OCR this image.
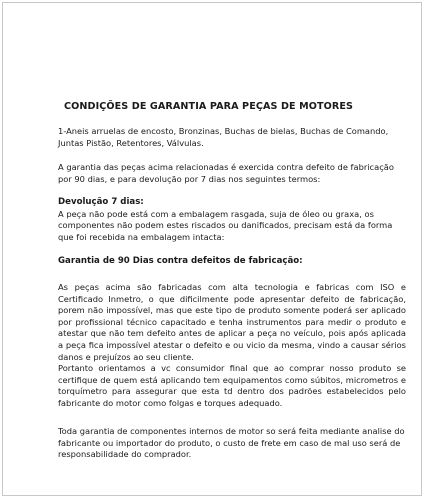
CONDIÇÕES DE GARANTIA PARA PEÇAS DE MOTORES

1-Aneis arruelas de encosto, Bronzinas, Buchas de bielas, Buchas de Comando, Juntas Pistão, Retentores, Válvulas.

A garantia das peças acima relacionadas é exercida contra defeito de fabricação por 90 dias, e para devolução por 7 dias nos seguintes termos:

Devolução 7 dias:

A peça não pode está com a embalagem rasgada, suja de óleo ou graxa, os componentes não podem estes riscados ou danificados, precisam está da forma que foi recebida na embalagem intacta:

Garantia de 90 Dias contra defeitos de fabricação:

As peças acima são fabricadas com alta tecnologia e fabricas com ISO e Certificado Inmetro, o que dificilmente pode apresentar defeito de fabricação, porem não impossível, mas que este tipo de produto somente poderá ser aplicado por profissional técnico capacitado e tenha instrumentos para medir o produto e atestar que não tem defeito antes de aplicar a peça no veículo, pois após aplicada a peça fica impossível atestar o defeito e ou vicio da mesma, vindo a causar sérios danos e prejuízos ao seu cliente.

Portanto orientamos a vc consumidor final que ao comprar nosso produto se certifique de quem está aplicando tem equipamentos como súbitos, micrometros e torquímetro para assegurar que esta td dentro dos padrões estabelecidos pelo fabricante do motor como folgas e torques adequado.

Toda garantia de componentes internos de motor so será feita mediante analise do fabricante ou importador do produto, o custo de frete em caso de mal uso será de responsabilidade do comprador.
